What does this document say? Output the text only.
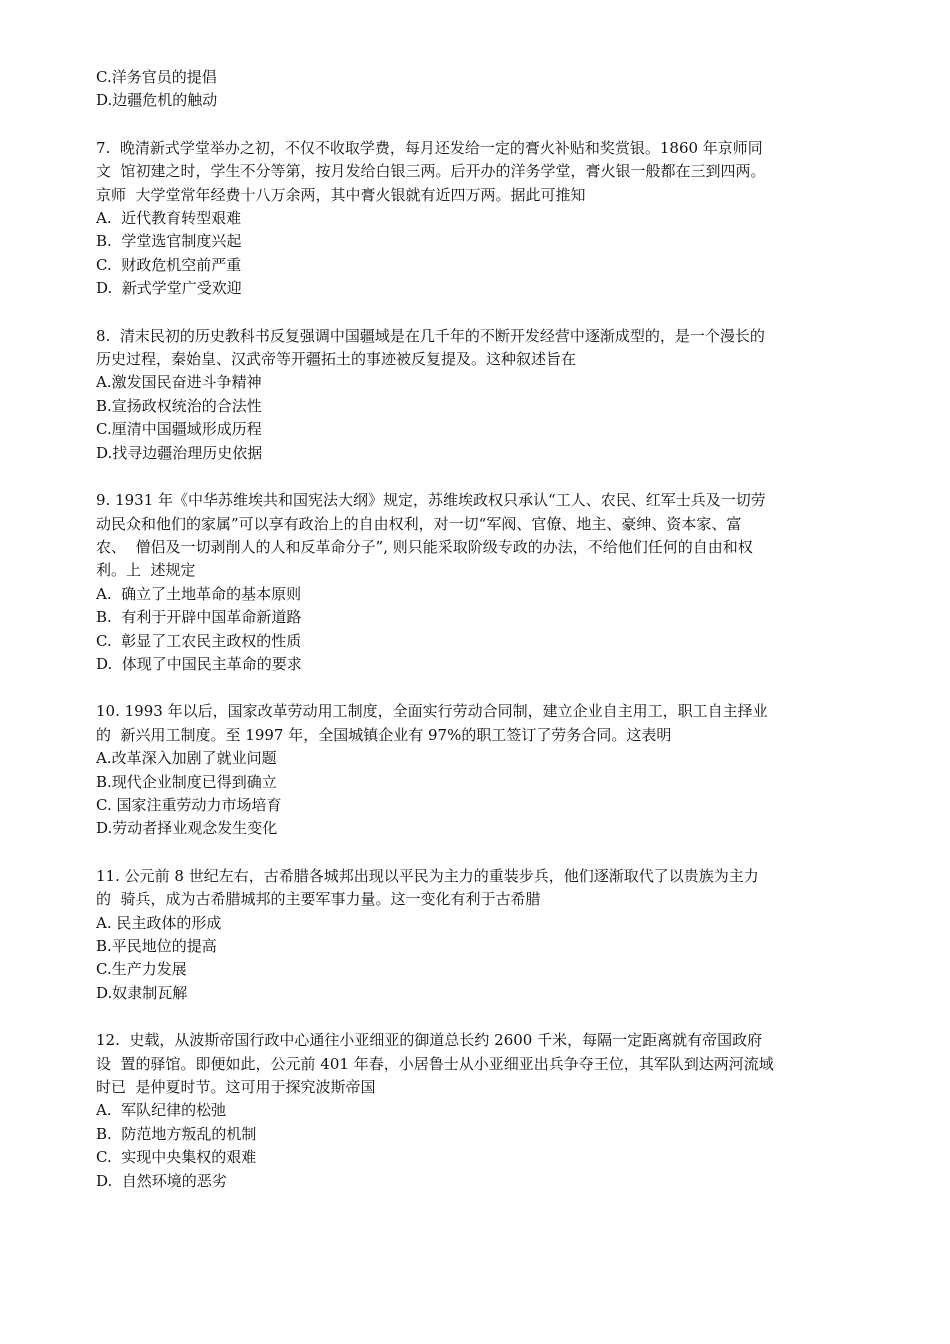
C.洋务官员的提倡
D.边疆危机的触动
7.  晚清新式学堂举办之初，不仅不收取学费，每月还发给一定的膏火补贴和奖赏银。1860 年京师同
文  馆初建之时，学生不分等第，按月发给白银三两。后开办的洋务学堂，膏火银一般都在三到四两。
京师  大学堂常年经费十八万余两，其中膏火银就有近四万两。据此可推知
A.  近代教育转型艰难
B.  学堂选官制度兴起
C.  财政危机空前严重
D.  新式学堂广受欢迎
8.  清末民初的历史教科书反复强调中国疆域是在几千年的不断开发经营中逐渐成型的，是一个漫长的
历史过程，秦始皇、汉武帝等开疆拓土的事迹被反复提及。这种叙述旨在
A.激发国民奋进斗争精神
B.宣扬政权统治的合法性
C.厘清中国疆域形成历程
D.找寻边疆治理历史依据
9. 1931 年《中华苏维埃共和国宪法大纲》规定，苏维埃政权只承认“工人、农民、红军士兵及一切劳
动民众和他们的家属”可以享有政治上的自由权利，对一切“军阀、官僚、地主、豪绅、资本家、富
农、  僧侣及一切剥削人的人和反革命分子”, 则只能采取阶级专政的办法，不给他们任何的自由和权
利。上  述规定
A.  确立了土地革命的基本原则
B.  有利于开辟中国革命新道路
C.  彰显了工农民主政权的性质
D.  体现了中国民主革命的要求
10. 1993 年以后，国家改革劳动用工制度，全面实行劳动合同制，建立企业自主用工，职工自主择业
的  新兴用工制度。至 1997 年，全国城镇企业有 97%的职工签订了劳务合同。这表明
A.改革深入加剧了就业问题
B.现代企业制度已得到确立
C. 国家注重劳动力市场培育
D.劳动者择业观念发生变化
11. 公元前 8 世纪左右，古希腊各城邦出现以平民为主力的重装步兵，他们逐渐取代了以贵族为主力
的  骑兵，成为古希腊城邦的主要军事力量。这一变化有利于古希腊
A. 民主政体的形成
B.平民地位的提高
C.生产力发展
D.奴隶制瓦解
12.  史载，从波斯帝国行政中心通往小亚细亚的御道总长约 2600 千米，每隔一定距离就有帝国政府
设  置的驿馆。即便如此，公元前 401 年春，小居鲁士从小亚细亚出兵争夺王位，其军队到达两河流域
时已  是仲夏时节。这可用于探究波斯帝国
A.  军队纪律的松弛
B.  防范地方叛乱的机制
C.  实现中央集权的艰难
D.  自然环境的恶劣
